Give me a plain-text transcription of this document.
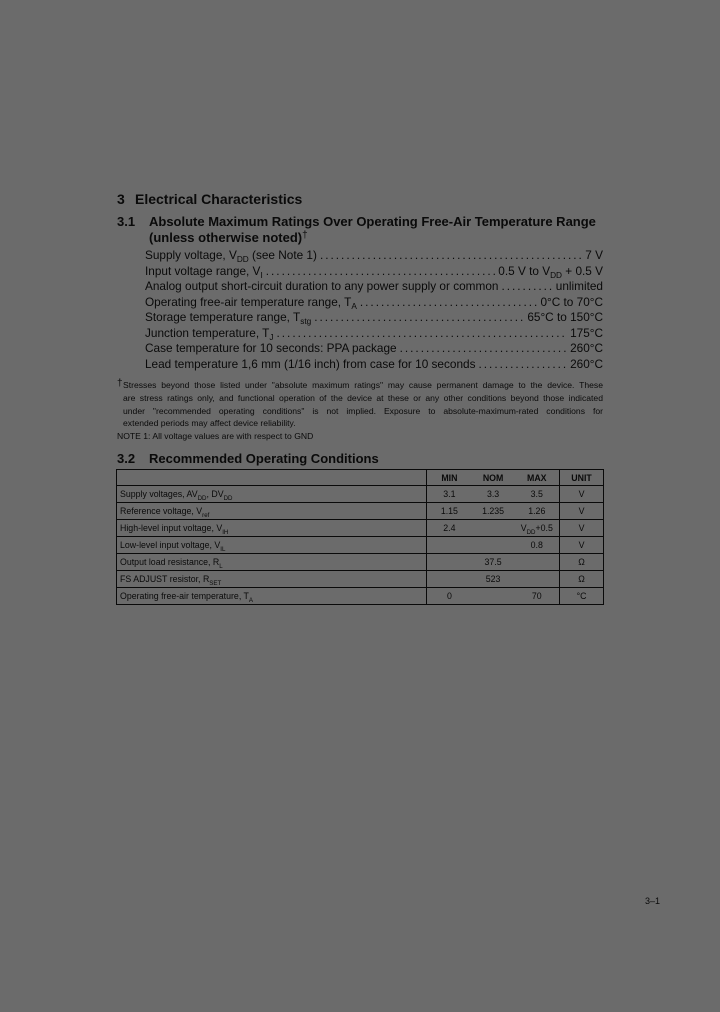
3 Electrical Characteristics
3.1 Absolute Maximum Ratings Over Operating Free-Air Temperature Range
(unless otherwise noted)†
Supply voltage, $V_{DD}$ (see Note 1) .....	7 V
Input voltage range, $V_I$ .....	0.5 V to $V_{DD} + 0.5$ V
Analog output short-circuit duration to any power supply or common .....	unlimited
Operating free-air temperature range, $T_A$ .....	0°C to 70°C
Storage temperature range, $T_{stg}$ .....	65°C to 150°C
Junction temperature, $T_J$ .....	175°C
Case temperature for 10 seconds: PPA package .....	260°C
Lead temperature 1,6 mm (1/16 inch) from case for 10 seconds .....	260°C
† Stresses beyond those listed under "absolute maximum ratings" may cause permanent damage to the device. These
are stress ratings only, and functional operation of the device at these or any other conditions beyond those indicated
under "recommended operating conditions" is not implied. Exposure to absolute-maximum-rated conditions for
extended periods may affect device reliability.
NOTE 1: All voltage values are with respect to GND
3.2 Recommended Operating Conditions
	MIN	NOM	MAX	UNIT
Supply voltages, $AV_{DD}$, $DV_{DD}$	3.1	3.3	3.5	V
Reference voltage, $V_{ref}$	1.15	1.235	1.26	V
High-level input voltage, $V_{IH}$	2.4		$V_{DD}+0.5$	V
Low-level input voltage, $V_{IL}$			0.8	V
Output load resistance, $R_L$		37.5		Ω
FS ADJUST resistor, $R_{SET}$		523		Ω
Operating free-air temperature, $T_A$	0		70	°C
3–1
